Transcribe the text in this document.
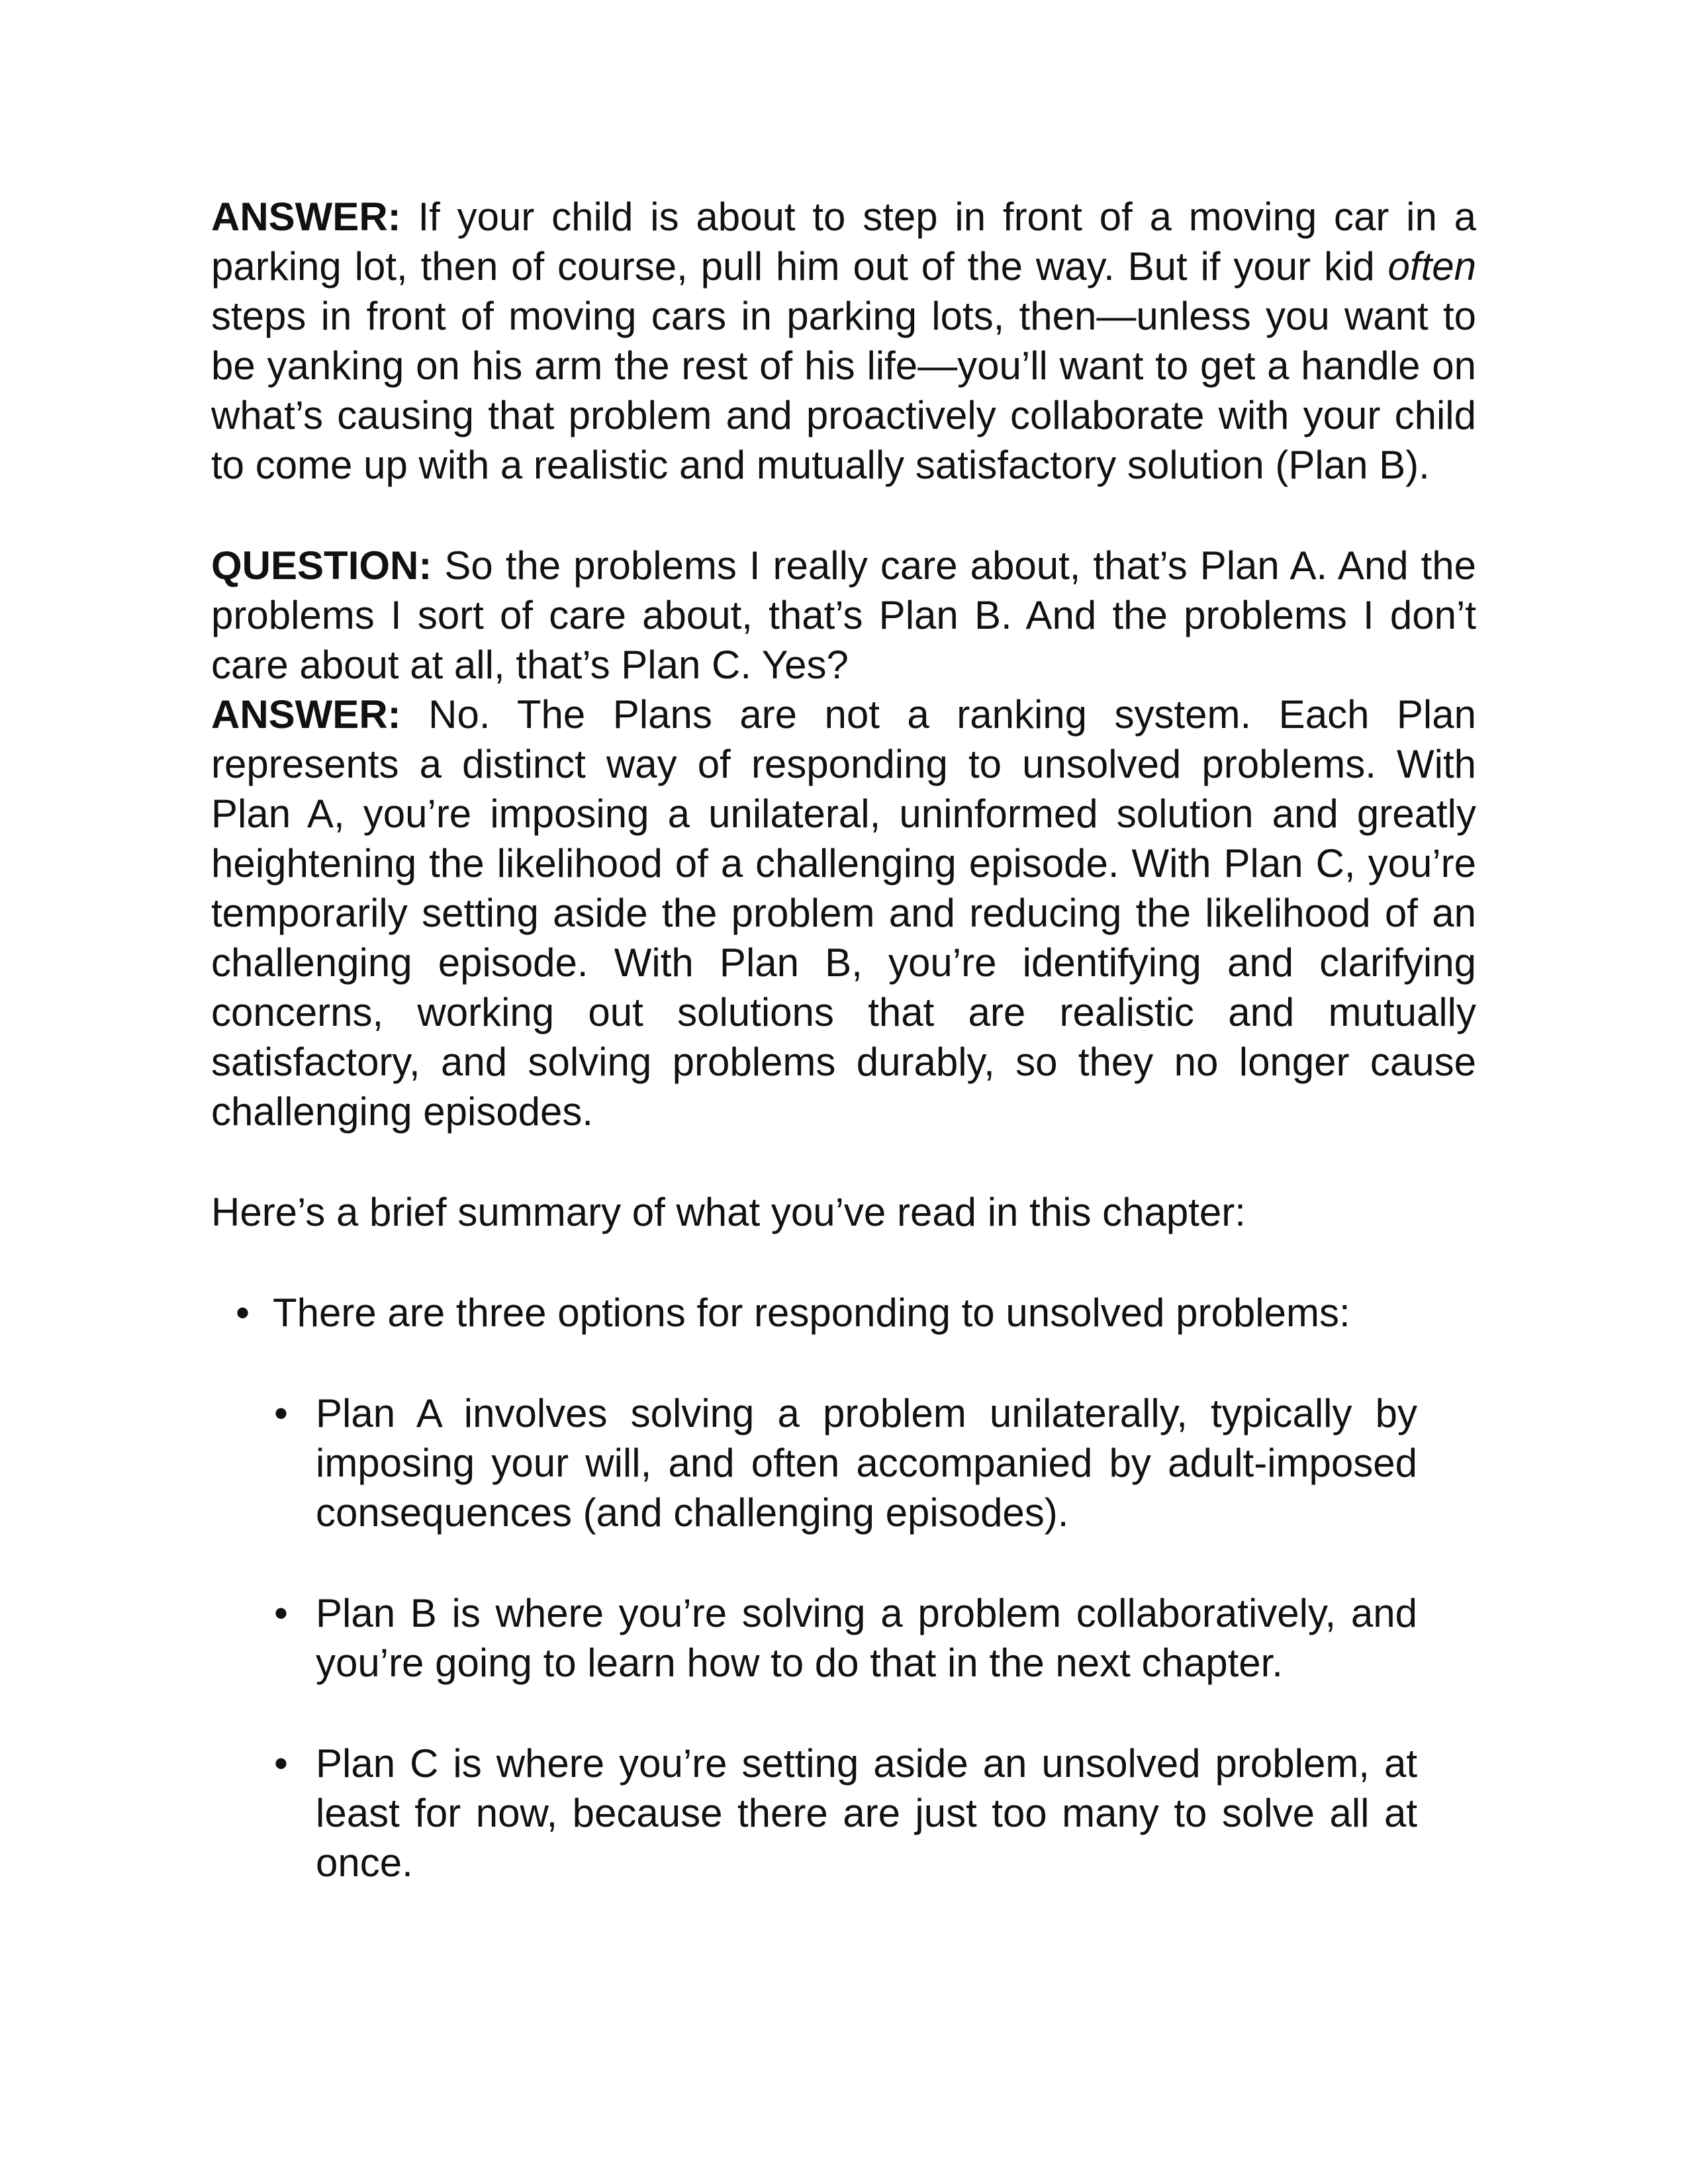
ANSWER: If your child is about to step in front of a moving car in a parking lot, then of course, pull him out of the way. But if your kid often steps in front of moving cars in parking lots, then—unless you want to be yanking on his arm the rest of his life—you’ll want to get a handle on what’s causing that problem and proactively collaborate with your child to come up with a realistic and mutually satisfactory solution (Plan B).

QUESTION: So the problems I really care about, that’s Plan A. And the problems I sort of care about, that’s Plan B. And the problems I don’t care about at all, that’s Plan C. Yes?

ANSWER: No. The Plans are not a ranking system. Each Plan represents a distinct way of responding to unsolved problems. With Plan A, you’re imposing a unilateral, uninformed solution and greatly heightening the likelihood of a challenging episode. With Plan C, you’re temporarily setting aside the problem and reducing the likelihood of an challenging episode. With Plan B, you’re identifying and clarifying concerns, working out solutions that are realistic and mutually satisfactory, and solving problems durably, so they no longer cause challenging episodes.

Here’s a brief summary of what you’ve read in this chapter:

• There are three options for responding to unsolved problems:
• Plan A involves solving a problem unilaterally, typically by imposing your will, and often accompanied by adult-imposed consequences (and challenging episodes).
• Plan B is where you’re solving a problem collaboratively, and you’re going to learn how to do that in the next chapter.
• Plan C is where you’re setting aside an unsolved problem, at least for now, because there are just too many to solve all at once.
